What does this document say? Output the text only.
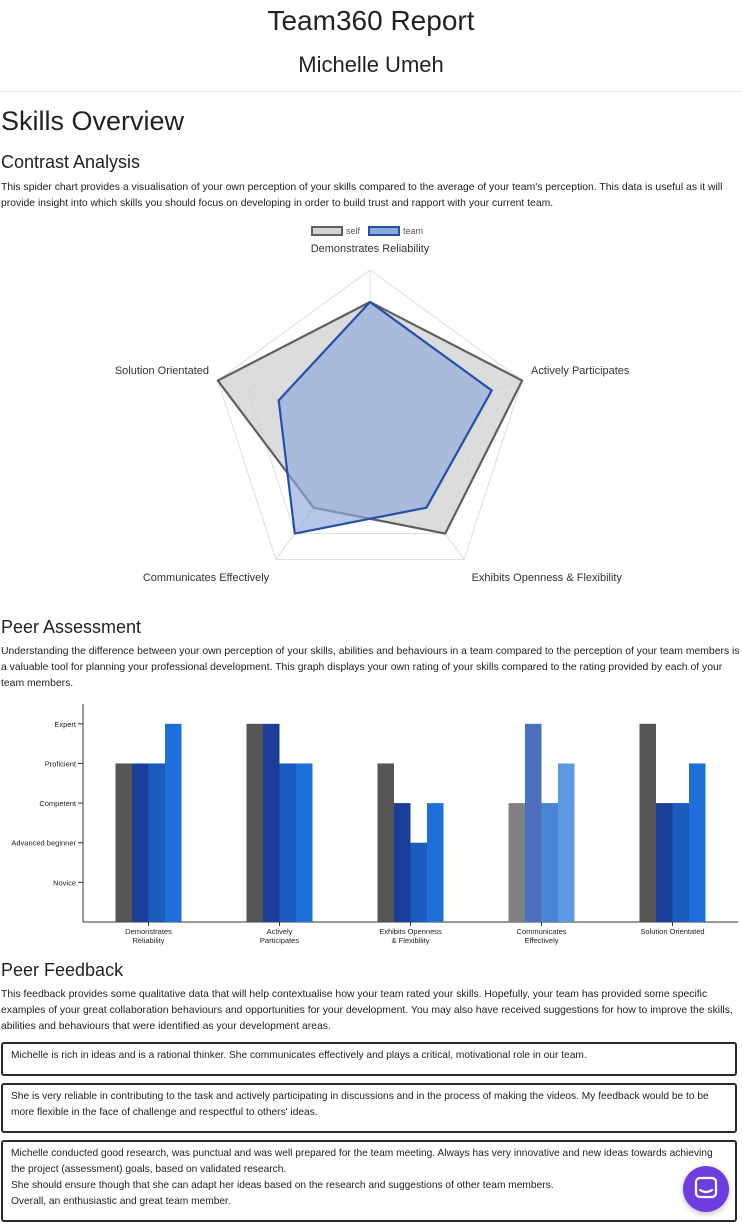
Team360 Report
Michelle Umeh
Skills Overview
Contrast Analysis

This spider chart provides a visualisation of your own perception of your skills compared to the average of your team's perception. This data is useful as it will provide insight into which skills you should focus on developing in order to build trust and rapport with your current team.

Demonstrates Reliability
Actively Participates
Exhibits Openness & Flexibility
Communicates Effectively
Solution Orientated
self	team
Peer Assessment

Understanding the difference between your own perception of your skills, abilities and behaviours in a team compared to the perception of your team members is a valuable tool for planning your professional development. This graph displays your own rating of your skills compared to the rating provided by each of your team members.

Novice
Advanced beginner
Competent
Proficient
Expert
Demonstrates Reliability
Actively Participates
Exhibits Openness & Flexibility
Communicates Effectively
Solution Orientated
Peer Feedback

This feedback provides some qualitative data that will help contextualise how your team rated your skills. Hopefully, your team has provided some specific examples of your great collaboration behaviours and opportunities for your development. You may also have received suggestions for how to improve the skills, abilities and behaviours that were identified as your development areas.

Michelle is rich in ideas and is a rational thinker. She communicates effectively and plays a critical, motivational role in our team.
She is very reliable in contributing to the task and actively participating in discussions and in the process of making the videos. My feedback would be to be more flexible in the face of challenge and respectful to others' ideas.
Michelle conducted good research, was punctual and was well prepared for the team meeting. Always has very innovative and new ideas towards achieving the project (assessment) goals, based on validated research.
She should ensure though that she can adapt her ideas based on the research and suggestions of other team members.
Overall, an enthusiastic and great team member.
